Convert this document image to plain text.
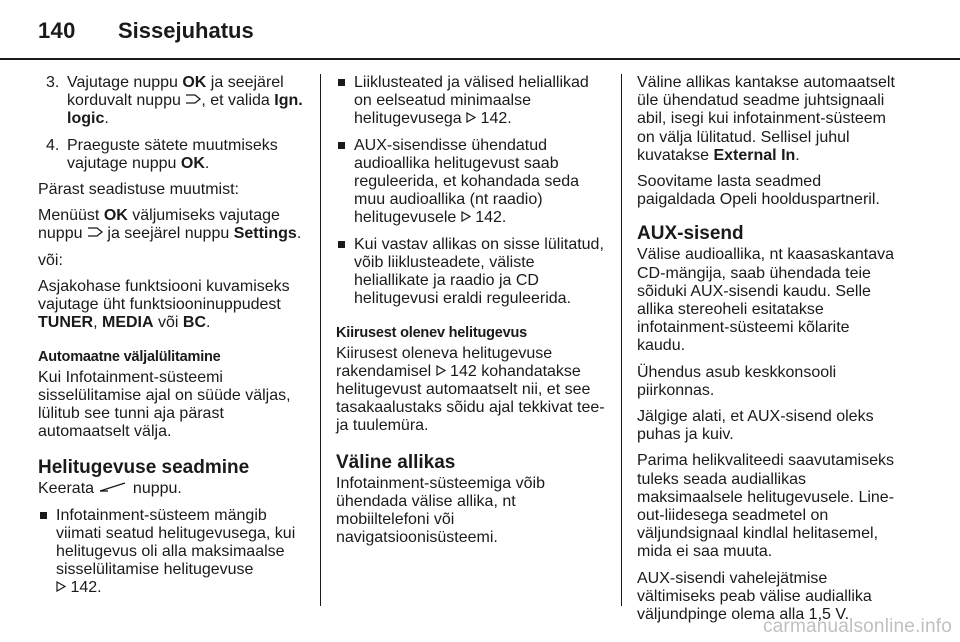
140 Sissejuhatus
3. Vajutage nuppu OK ja seejärel korduvalt nuppu , et valida Ign. logic.
4. Praeguste sätete muutmiseks vajutage nuppu OK.

Pärast seadistuse muutmist:

Menüüst OK väljumiseks vajutage nuppu  ja seejärel nuppu Settings.

või:

Asjakohase funktsiooni kuvamiseks vajutage üht funktsiooninuppudest TUNER, MEDIA või BC.

Automaatne väljalülitamine

Kui Infotainment-süsteemi sisselülitamise ajal on süüde väljas, lülitub see tunni aja pärast automaatselt välja.

Helitugevuse seadmine

Keerata  nuppu.

Infotainment-süsteem mängib viimati seatud helitugevusega, kui helitugevus oli alla maksimaalse sisselülitamise helitugevuse
142.
Liiklusteated ja välised heliallikad on eelseatud minimaalse helitugevusega  142.
AUX-sisendisse ühendatud audioallika helitugevust saab reguleerida, et kohandada seda muu audioallika (nt raadio) helitugevusele  142.
Kui vastav allikas on sisse lülitatud, võib liiklusteadete, väliste heliallikate ja raadio ja CD helitugevusi eraldi reguleerida.
Kiirusest olenev helitugevus

Kiirusest oleneva helitugevuse rakendamisel  142 kohandatakse helitugevust automaatselt nii, et see tasakaalustaks sõidu ajal tekkivat tee- ja tuulemüra.

Väline allikas

Infotainment-süsteemiga võib ühendada välise allika, nt mobiiltelefoni või navigatsioonisüsteemi.

Väline allikas kantakse automaatselt üle ühendatud seadme juhtsignaali abil, isegi kui infotainment-süsteem on välja lülitatud. Sellisel juhul kuvatakse External In.

Soovitame lasta seadmed paigaldada Opeli hoolduspartneril.

AUX-sisend

Välise audioallika, nt kaasaskantava CD-mängija, saab ühendada teie sõiduki AUX-sisendi kaudu. Selle allika stereoheli esitatakse infotainment-süsteemi kõlarite kaudu.

Ühendus asub keskkonsooli piirkonnas.

Jälgige alati, et AUX-sisend oleks puhas ja kuiv.

Parima helikvaliteedi saavutamiseks tuleks seada audiallikas maksimaalsele helitugevusele. Line-out-liidesega seadmetel on väljundsignaal kindlal helitasemel, mida ei saa muuta.

AUX-sisendi vahelejätmise vältimiseks peab välise audiallika väljundpinge olema alla 1,5 V.

carmanualsonline.info
